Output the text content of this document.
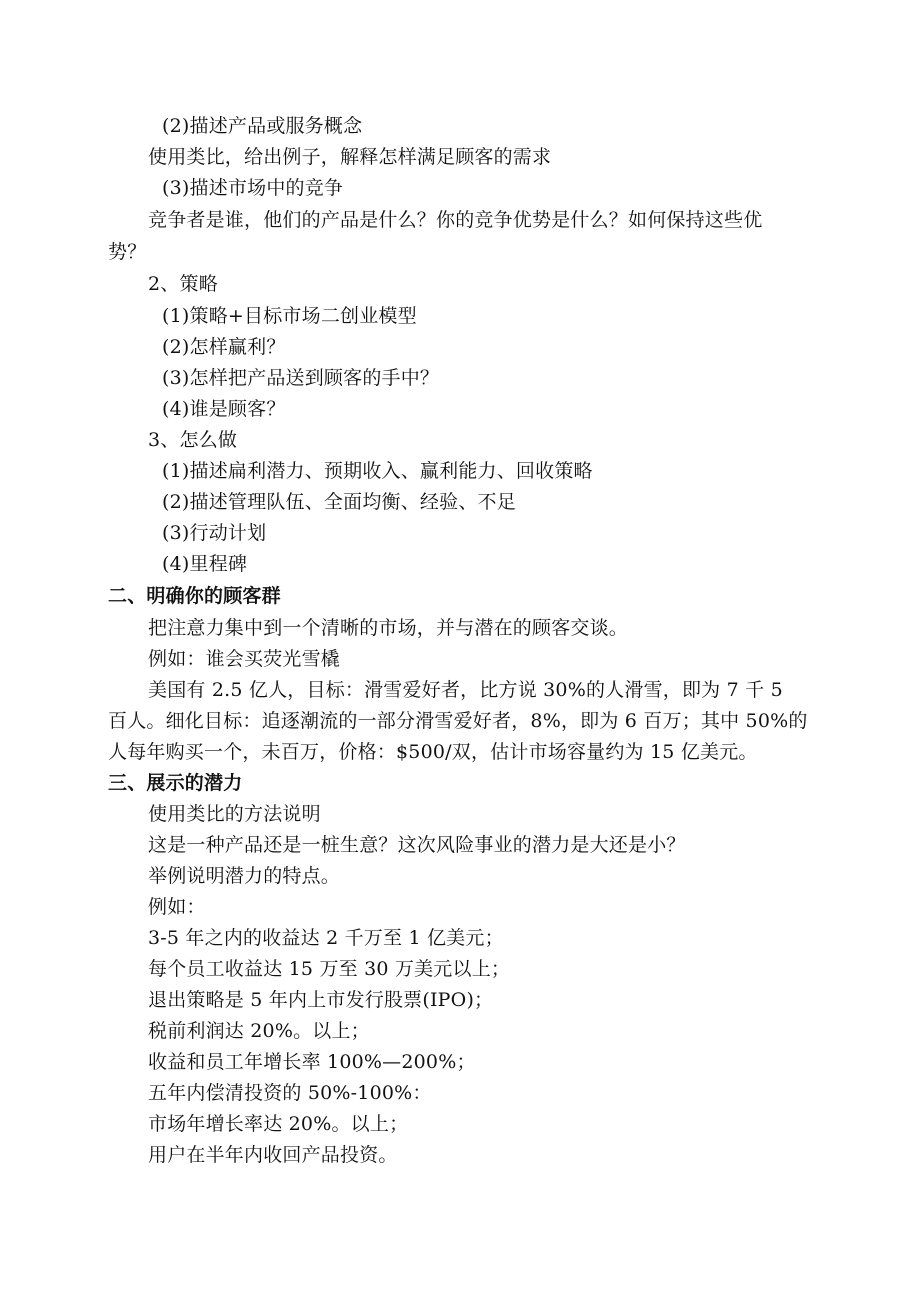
(2)描述产品或服务概念
使用类比，给出例子，解释怎样满足顾客的需求
(3)描述市场中的竞争
竞争者是谁，他们的产品是什么？你的竞争优势是什么？如何保持这些优
势？
2、策略
(1)策略+目标市场二创业模型
(2)怎样赢利？
(3)怎样把产品送到顾客的手中？
(4)谁是顾客？
3、怎么做
(1)描述扁利潜力、预期收入、赢利能力、回收策略
(2)描述管理队伍、全面均衡、经验、不足
(3)行动计划
(4)里程碑
二、明确你的顾客群
把注意力集中到一个清晰的市场，并与潜在的顾客交谈。
例如：谁会买荧光雪橇
美国有 2.5 亿人，目标：滑雪爱好者，比方说 30%的人滑雪，即为 7 千 5
百人。细化目标：追逐潮流的一部分滑雪爱好者，8%，即为 6 百万；其中 50%的
人每年购买一个，未百万，价格：$500/双，估计市场容量约为 15 亿美元。
三、展示的潜力
使用类比的方法说明
这是一种产品还是一桩生意？这次风险事业的潜力是大还是小？
举例说明潜力的特点。
例如：
3-5 年之内的收益达 2 千万至 1 亿美元；
每个员工收益达 15 万至 30 万美元以上；
退出策略是 5 年内上市发行股票(IPO)；
税前利润达 20%。以上；
收益和员工年增长率 100%—200%；
五年内偿清投资的 50%-100%：
市场年增长率达 20%。以上；
用户在半年内收回产品投资。
